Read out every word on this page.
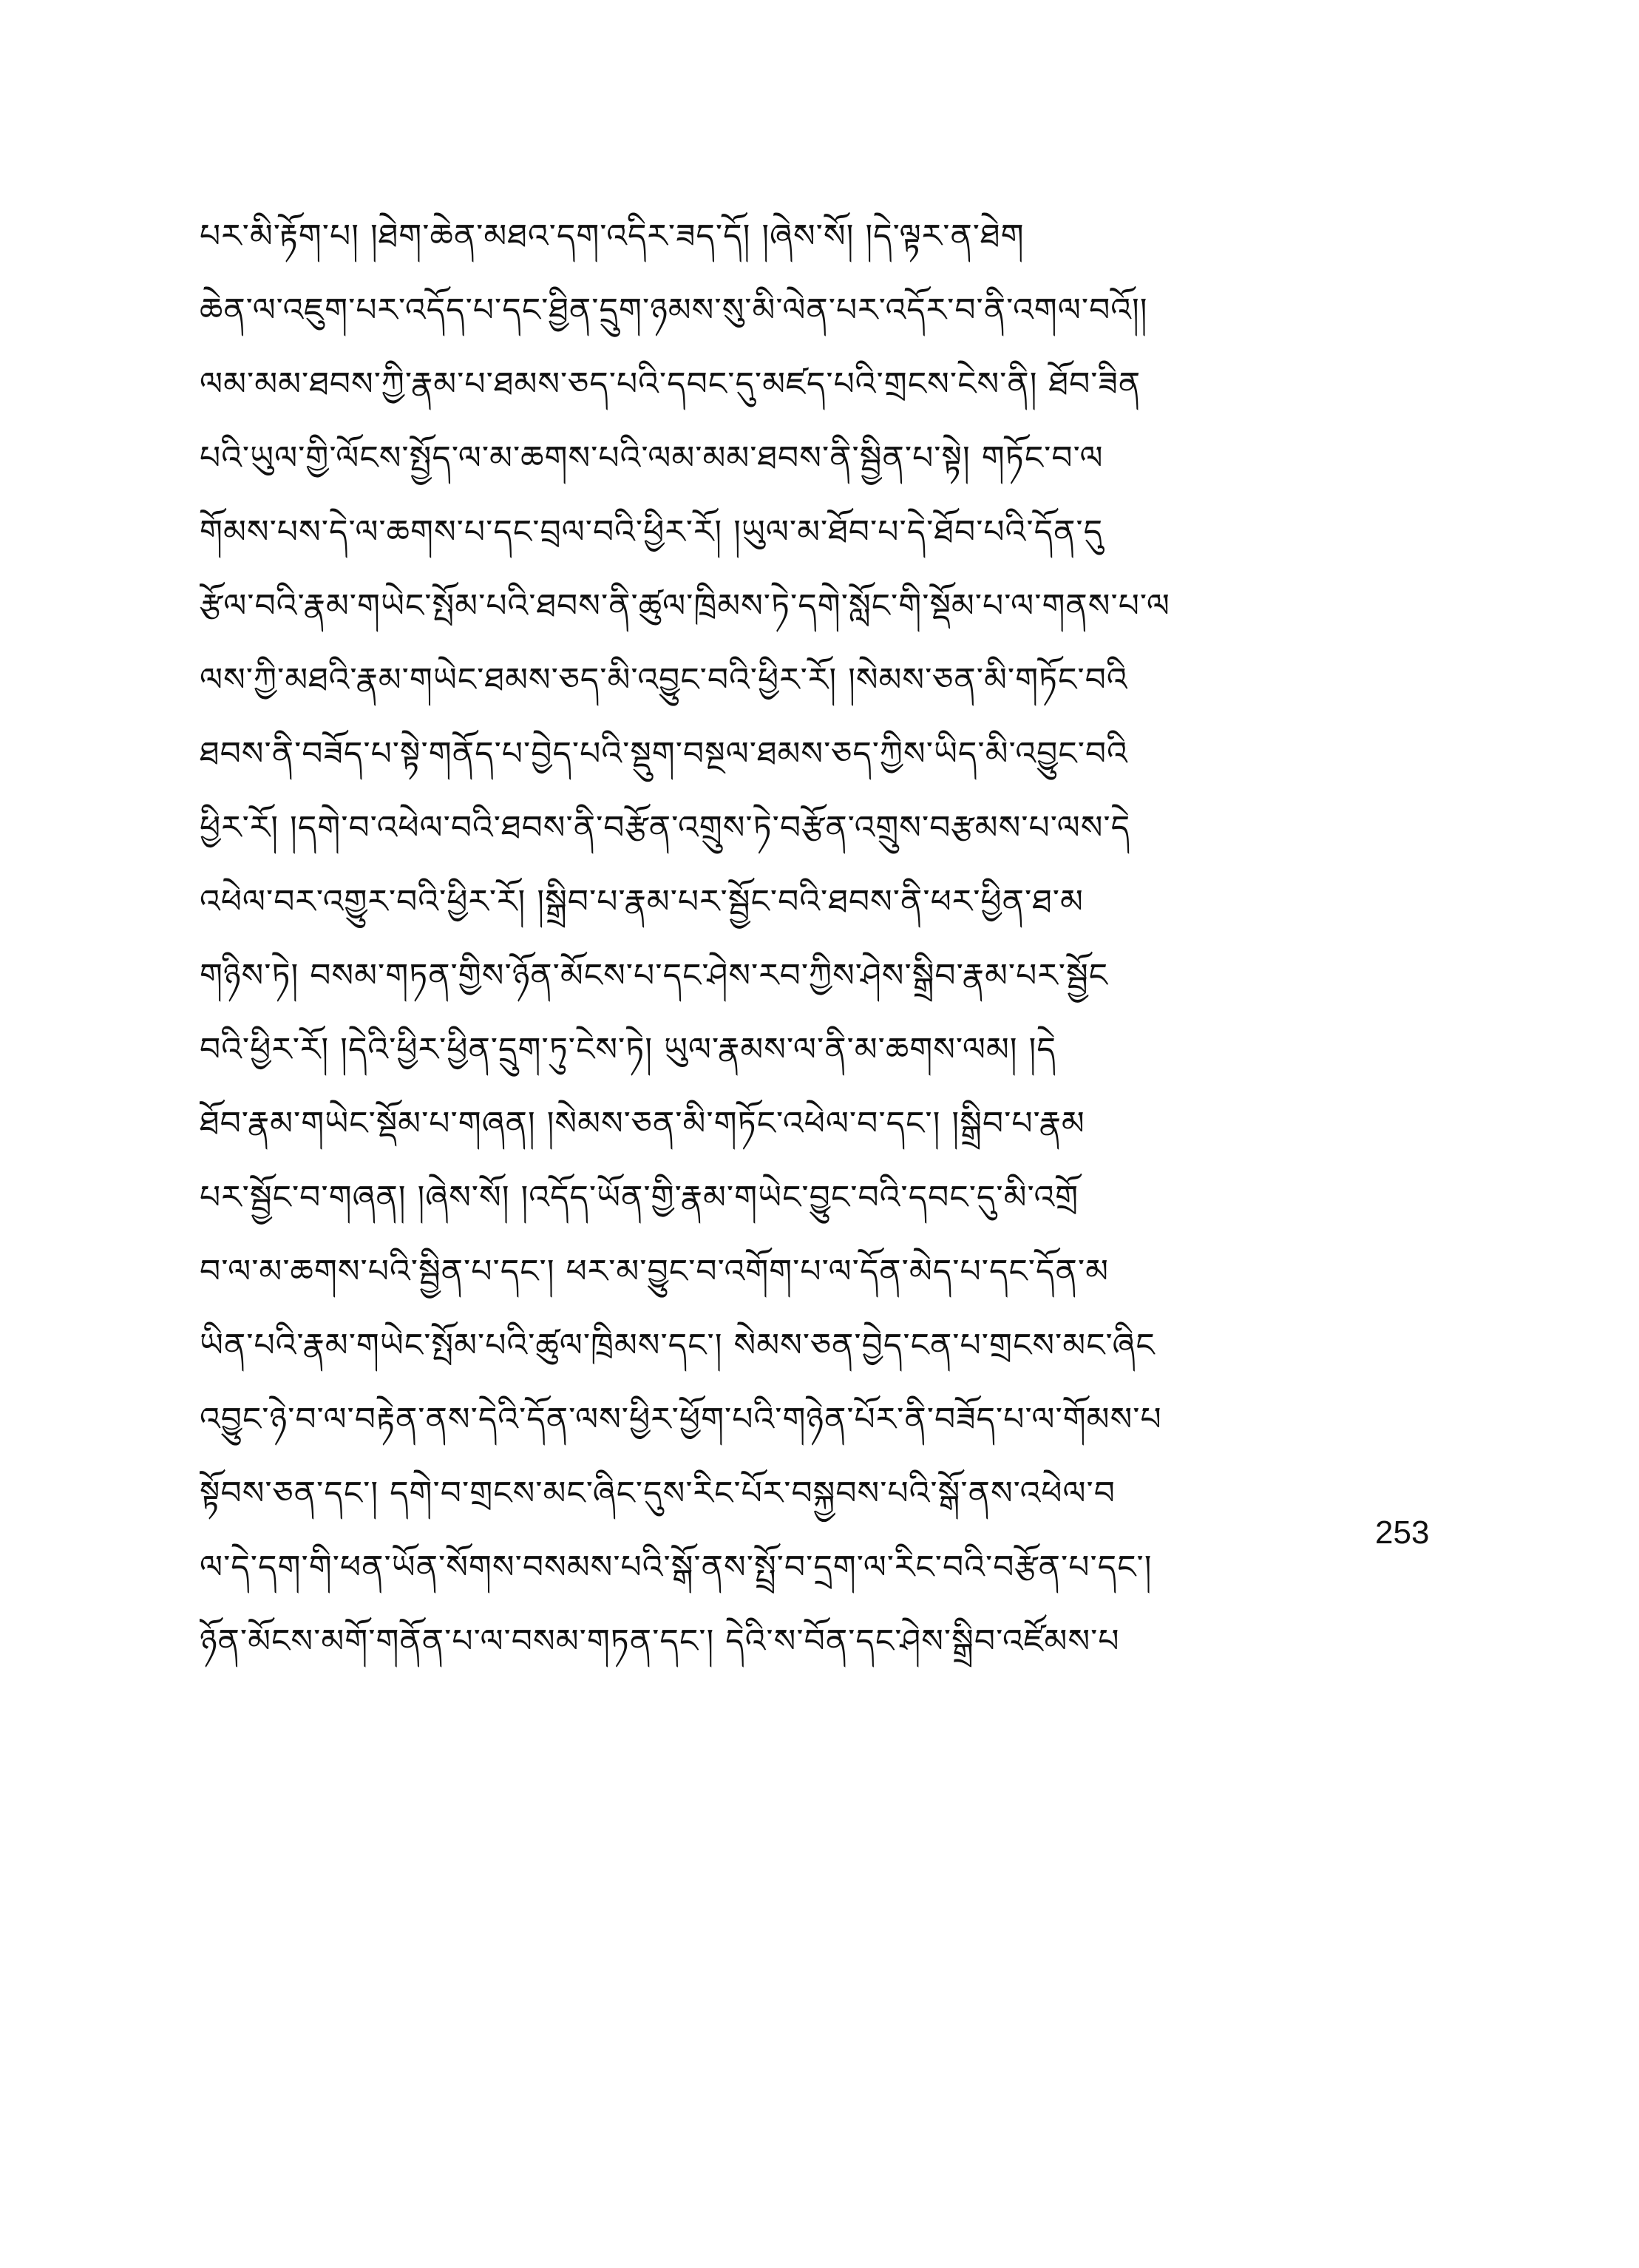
པར་མི་རྟོག་པ། །ཐེག་ཆེན་མཐའ་དག་འདིར་ཟད་དོ། །ཞེས་སོ། །དེ་ལྟར་ན་ཐེག
ཆེན་ལ་འཇུག་པར་འདོད་པ་དང་ཐྱིན་དྲུག་ཉམས་སུ་མི་ལེན་པར་འདོར་བ་ནི་འགལ་བའོ།།
ལམ་མམ་ཐབས་ཀྱི་རྣམ་པ་ཐམས་ཅད་པའི་དབང་དུ་མཛད་པའི་གྲངས་ངེས་ནི། ཐོབ་ཟིན
པའི་ཡུལ་གྱི་ལོངས་སྤྱོད་ལ་མ་ཆགས་པའི་ལམ་མམ་ཐབས་ནི་སྦྱིན་པ་སྟེ། གཏོང་བ་ལ
གོམས་པས་དེ་ལ་ཆགས་པ་དང་བྲལ་བའི་ཕྱིར་རོ། །ཡུལ་མ་ཐོབ་པ་དེ་ཐོབ་པའི་དོན་དུ
རྩོལ་བའི་རྣམ་གཡེང་སྤོམ་པའི་ཐབས་ནི་ཚུལ་ཁྲིམས་ཏེ་དགེ་སློང་གི་སྡོམ་པ་ལ་གནས་པ་ལ
ལས་ཀྱི་མཐའི་རྣམ་གཡེང་ཐམས་ཅད་མི་འབྱུང་བའི་ཕྱིར་རོ། །སེམས་ཅན་མི་གཏོང་བའི
ཐབས་ནི་བཟོད་པ་སྟེ་གནོད་པ་བྱེད་པའི་སྡུག་བསྔལ་ཐམས་ཅད་ཀྱིས་ཡིད་མི་འབྱུང་བའི
ཕྱིར་རོ། །དགེ་བ་འཕེལ་བའི་ཐབས་ནི་བརྩོན་འགྲུས་ཏེ་བརྩོན་འགྲུས་བརྩམས་པ་ལས་དེ
འཕེལ་བར་འགྱུར་བའི་ཕྱིར་རོ། །སྒྲིབ་པ་རྣམ་པར་སྦྱོང་བའི་ཐབས་ནི་ཕར་ཕྱིན་ཐ་མ
གཉིས་ཏེ། བསམ་གཏན་གྱིས་ཉོན་མོངས་པ་དང་ཤེས་རབ་ཀྱིས་ཤེས་སྒྲིབ་རྣམ་པར་སྦྱོང
བའི་ཕྱིར་རོ། །དེའི་ཕྱིར་ཕྱིན་དྲུག་ཏུ་ངེས་ཏེ། ཡུལ་རྣམས་ལ་ནི་མ་ཆགས་ལམ། །དེ
ཐོབ་རྣམ་གཡེང་སྡོམ་པ་གཞན། །སེམས་ཅན་མི་གཏོང་འཕེལ་བ་དང་། །སྒྲིབ་པ་རྣམ
པར་སྦྱོང་བ་གཞན། །ཞེས་སོ། །འདོད་ཡོན་གྱི་རྣམ་གཡེང་བྱུང་བའི་དབང་དུ་མི་འགྲོ
བ་ལ་མ་ཆགས་པའི་སྦྱིན་པ་དང་། ཕར་མ་བྱུང་བ་འགོག་པ་ལ་དོན་མེད་པ་དང་དོན་མ
ཡིན་པའི་རྣམ་གཡེང་སྤོམ་པའི་ཚུལ་ཁྲིམས་དང་། སེམས་ཅན་བྱེད་ངན་པ་གྲངས་མང་ཞིང
འབྱུང་ཉེ་བ་ལ་བརྟེན་ནས་དེའི་དོན་ལས་ཕྱིར་ཕྱོག་པའི་གཉེན་པོར་ནི་བཟོད་པ་ལ་གོམས་པ
སྟོབས་ཅན་དང་། དགེ་བ་གྲངས་མང་ཞིང་དུས་རིང་པོར་བསྐྱབས་པའི་སྒོ་ནས་འཕེལ་བ
ལ་དེ་དག་གི་ཕན་ཡོན་སོགས་བསམས་པའི་སྒོ་ནས་སྤྲོ་བ་དྲག་ལ་རིང་བའི་བརྩོན་པ་དང་།
ཉོན་མོངས་མགོ་གནོན་པ་ལ་བསམ་གཏན་དང་། དེའི་ས་བོན་དང་ཤེས་སྒྲིབ་འཛོམས་པ
253
